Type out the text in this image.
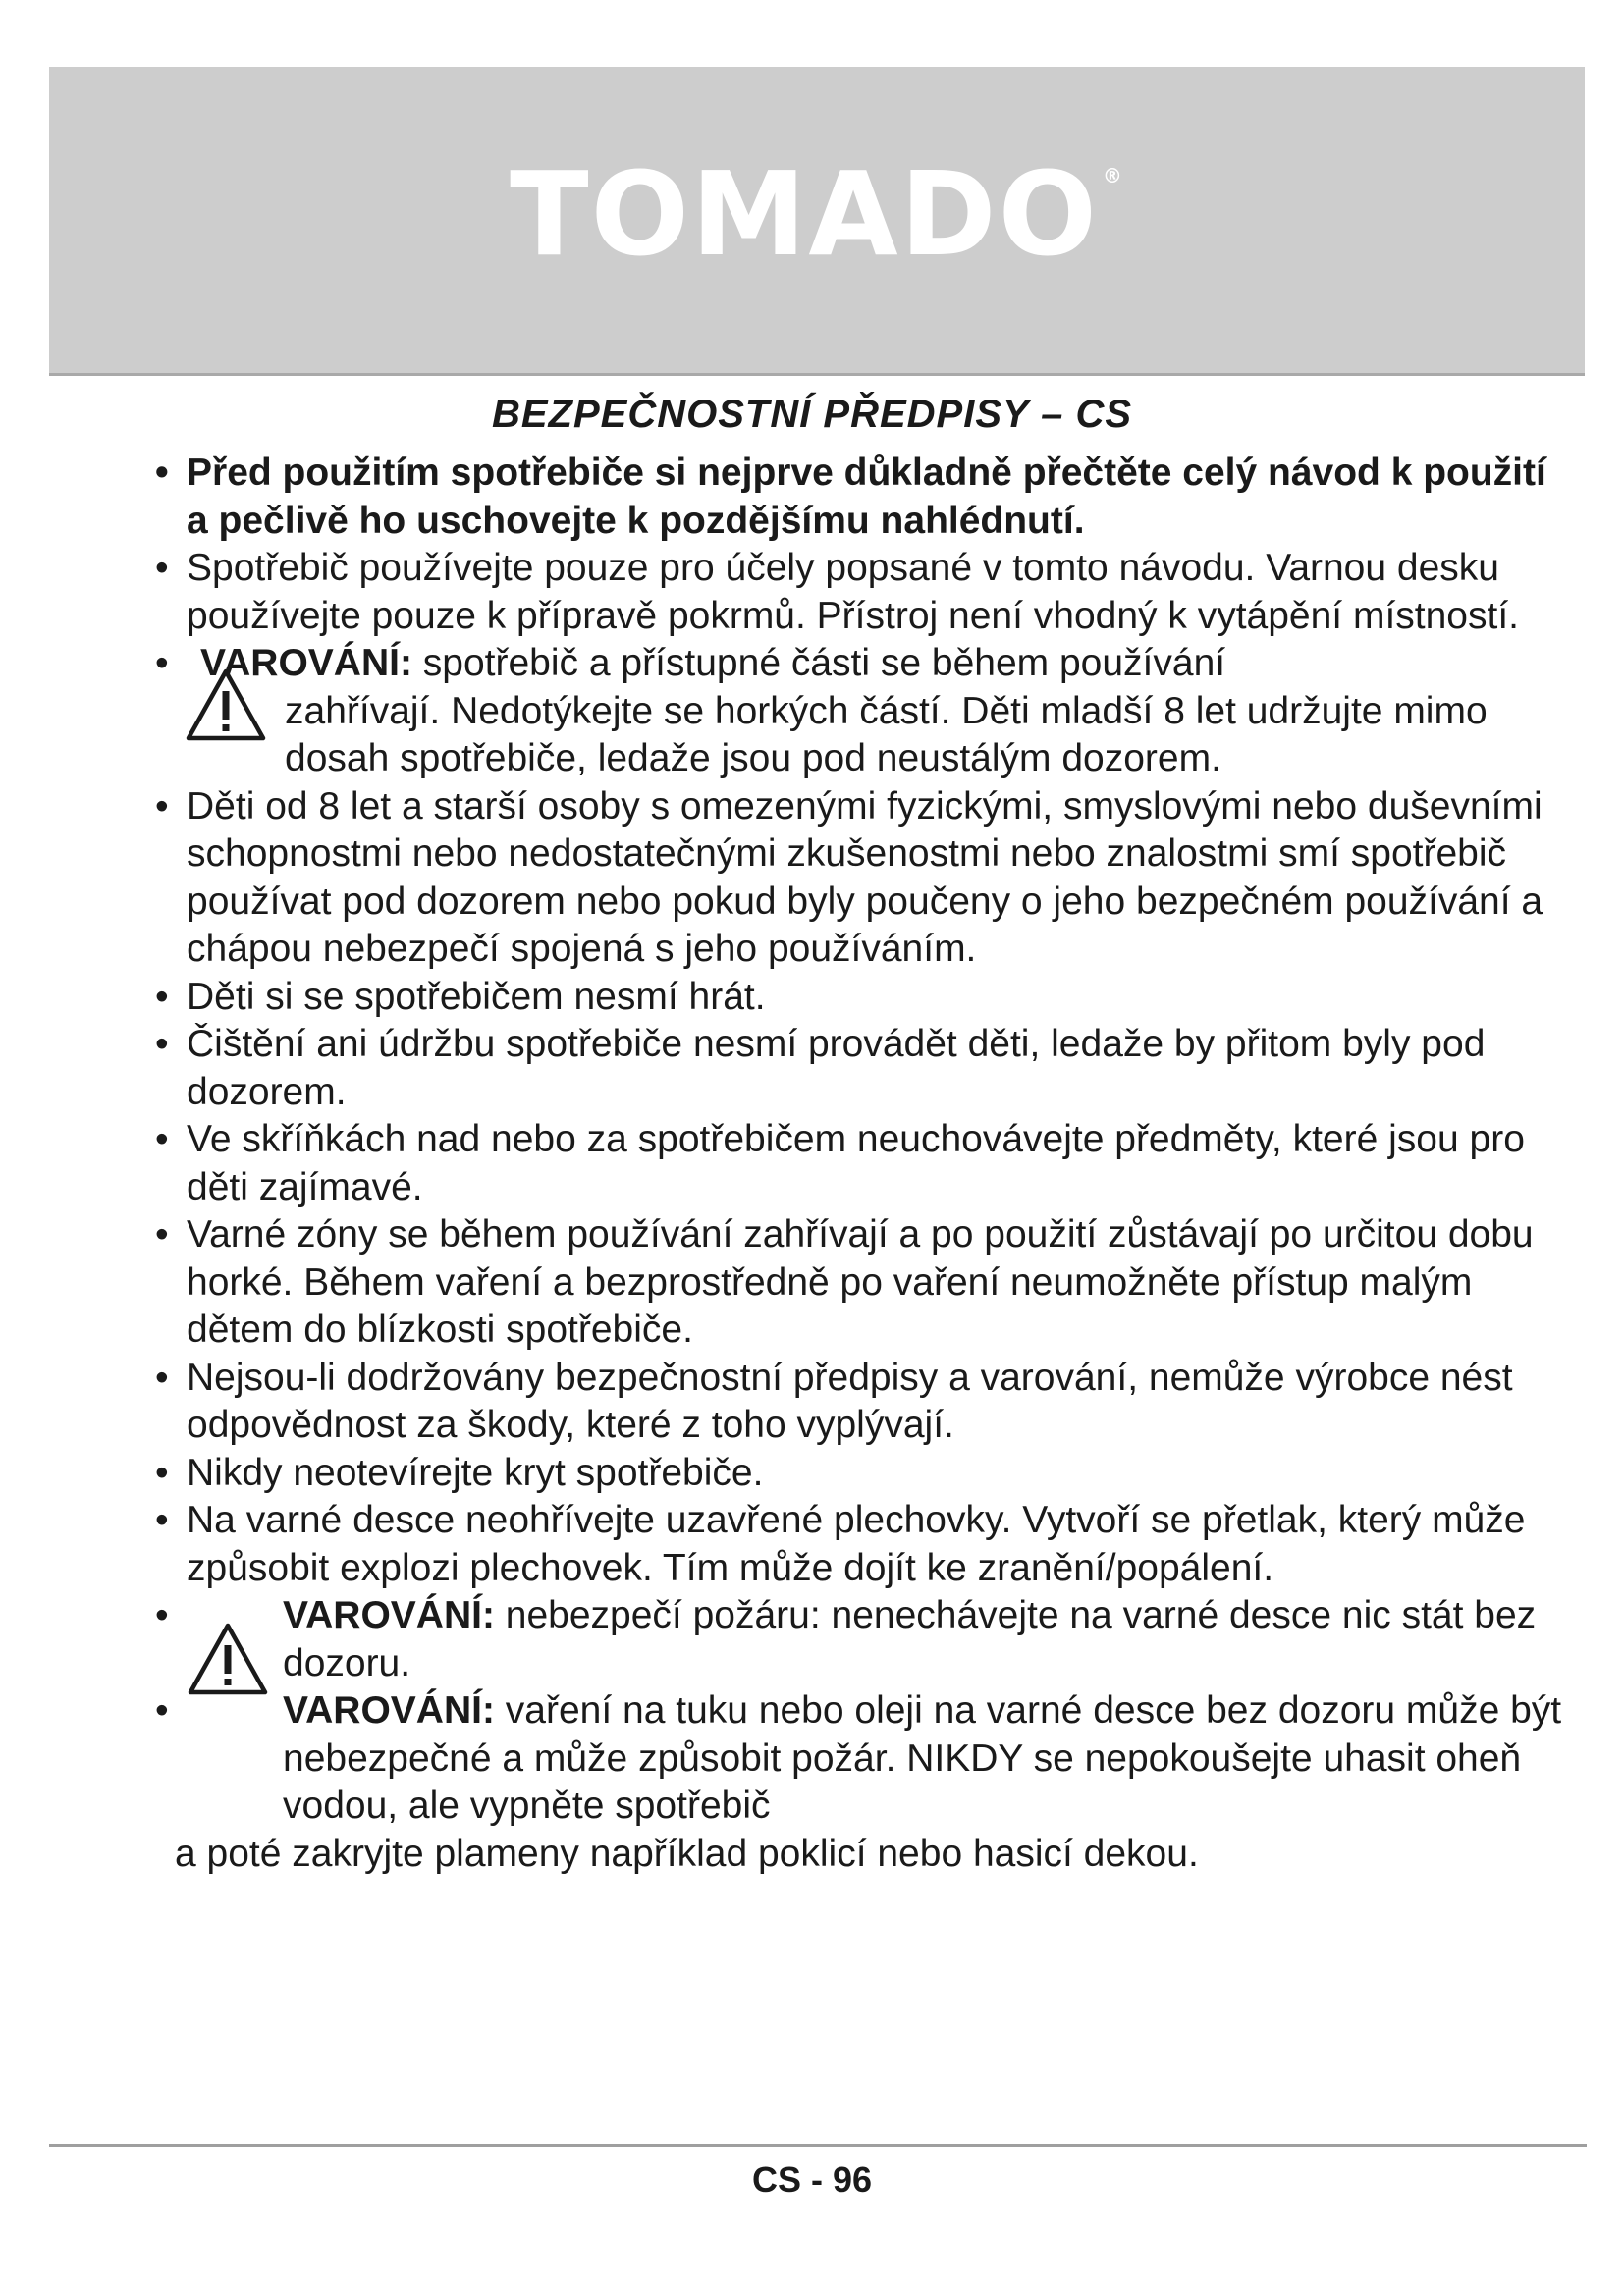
TOMADO ®
BEZPEČNOSTNÍ PŘEDPISY – CS
• Před použitím spotřebiče si nejprve důkladně přečtěte celý návod k použití a pečlivě ho uschovejte k pozdějšímu nahlédnutí.
• Spotřebič používejte pouze pro účely popsané v tomto návodu. Varnou desku používejte pouze k přípravě pokrmů. Přístroj není vhodný k vytápění místností.
• VAROVÁNÍ: spotřebič a přístupné části se během používání
zahřívají. Nedotýkejte se horkých částí. Děti mladší 8 let udržujte mimo dosah spotřebiče, ledaže jsou pod neustálým dozorem.
• Děti od 8 let a starší osoby s omezenými fyzickými, smyslovými nebo duševními schopnostmi nebo nedostatečnými zkušenostmi nebo znalostmi smí spotřebič používat pod dozorem nebo pokud byly poučeny o jeho bezpečném používání a chápou nebezpečí spojená s jeho používáním.
• Děti si se spotřebičem nesmí hrát.
• Čištění ani údržbu spotřebiče nesmí provádět děti, ledaže by přitom byly pod dozorem.
• Ve skříňkách nad nebo za spotřebičem neuchovávejte předměty, které jsou pro děti zajímavé.
• Varné zóny se během používání zahřívají a po použití zůstávají po určitou dobu horké. Během vaření a bezprostředně po vaření neumožněte přístup malým dětem do blízkosti spotřebiče.
• Nejsou-li dodržovány bezpečnostní předpisy a varování, nemůže výrobce nést odpovědnost za škody, které z toho vyplývají.
• Nikdy neotevírejte kryt spotřebiče.
• Na varné desce neohřívejte uzavřené plechovky. Vytvoří se přetlak, který může způsobit explozi plechovek. Tím může dojít ke zranění/popálení.
•	VAROVÁNÍ: nebezpečí požáru: nenechávejte na varné desce nic stát bez dozoru.
•	VAROVÁNÍ: vaření na tuku nebo oleji na varné desce bez dozoru může být nebezpečné a může způsobit požár. NIKDY se nepokoušejte uhasit oheň vodou, ale vypněte spotřebič
a poté zakryjte plameny například poklicí nebo hasicí dekou.
CS - 96
